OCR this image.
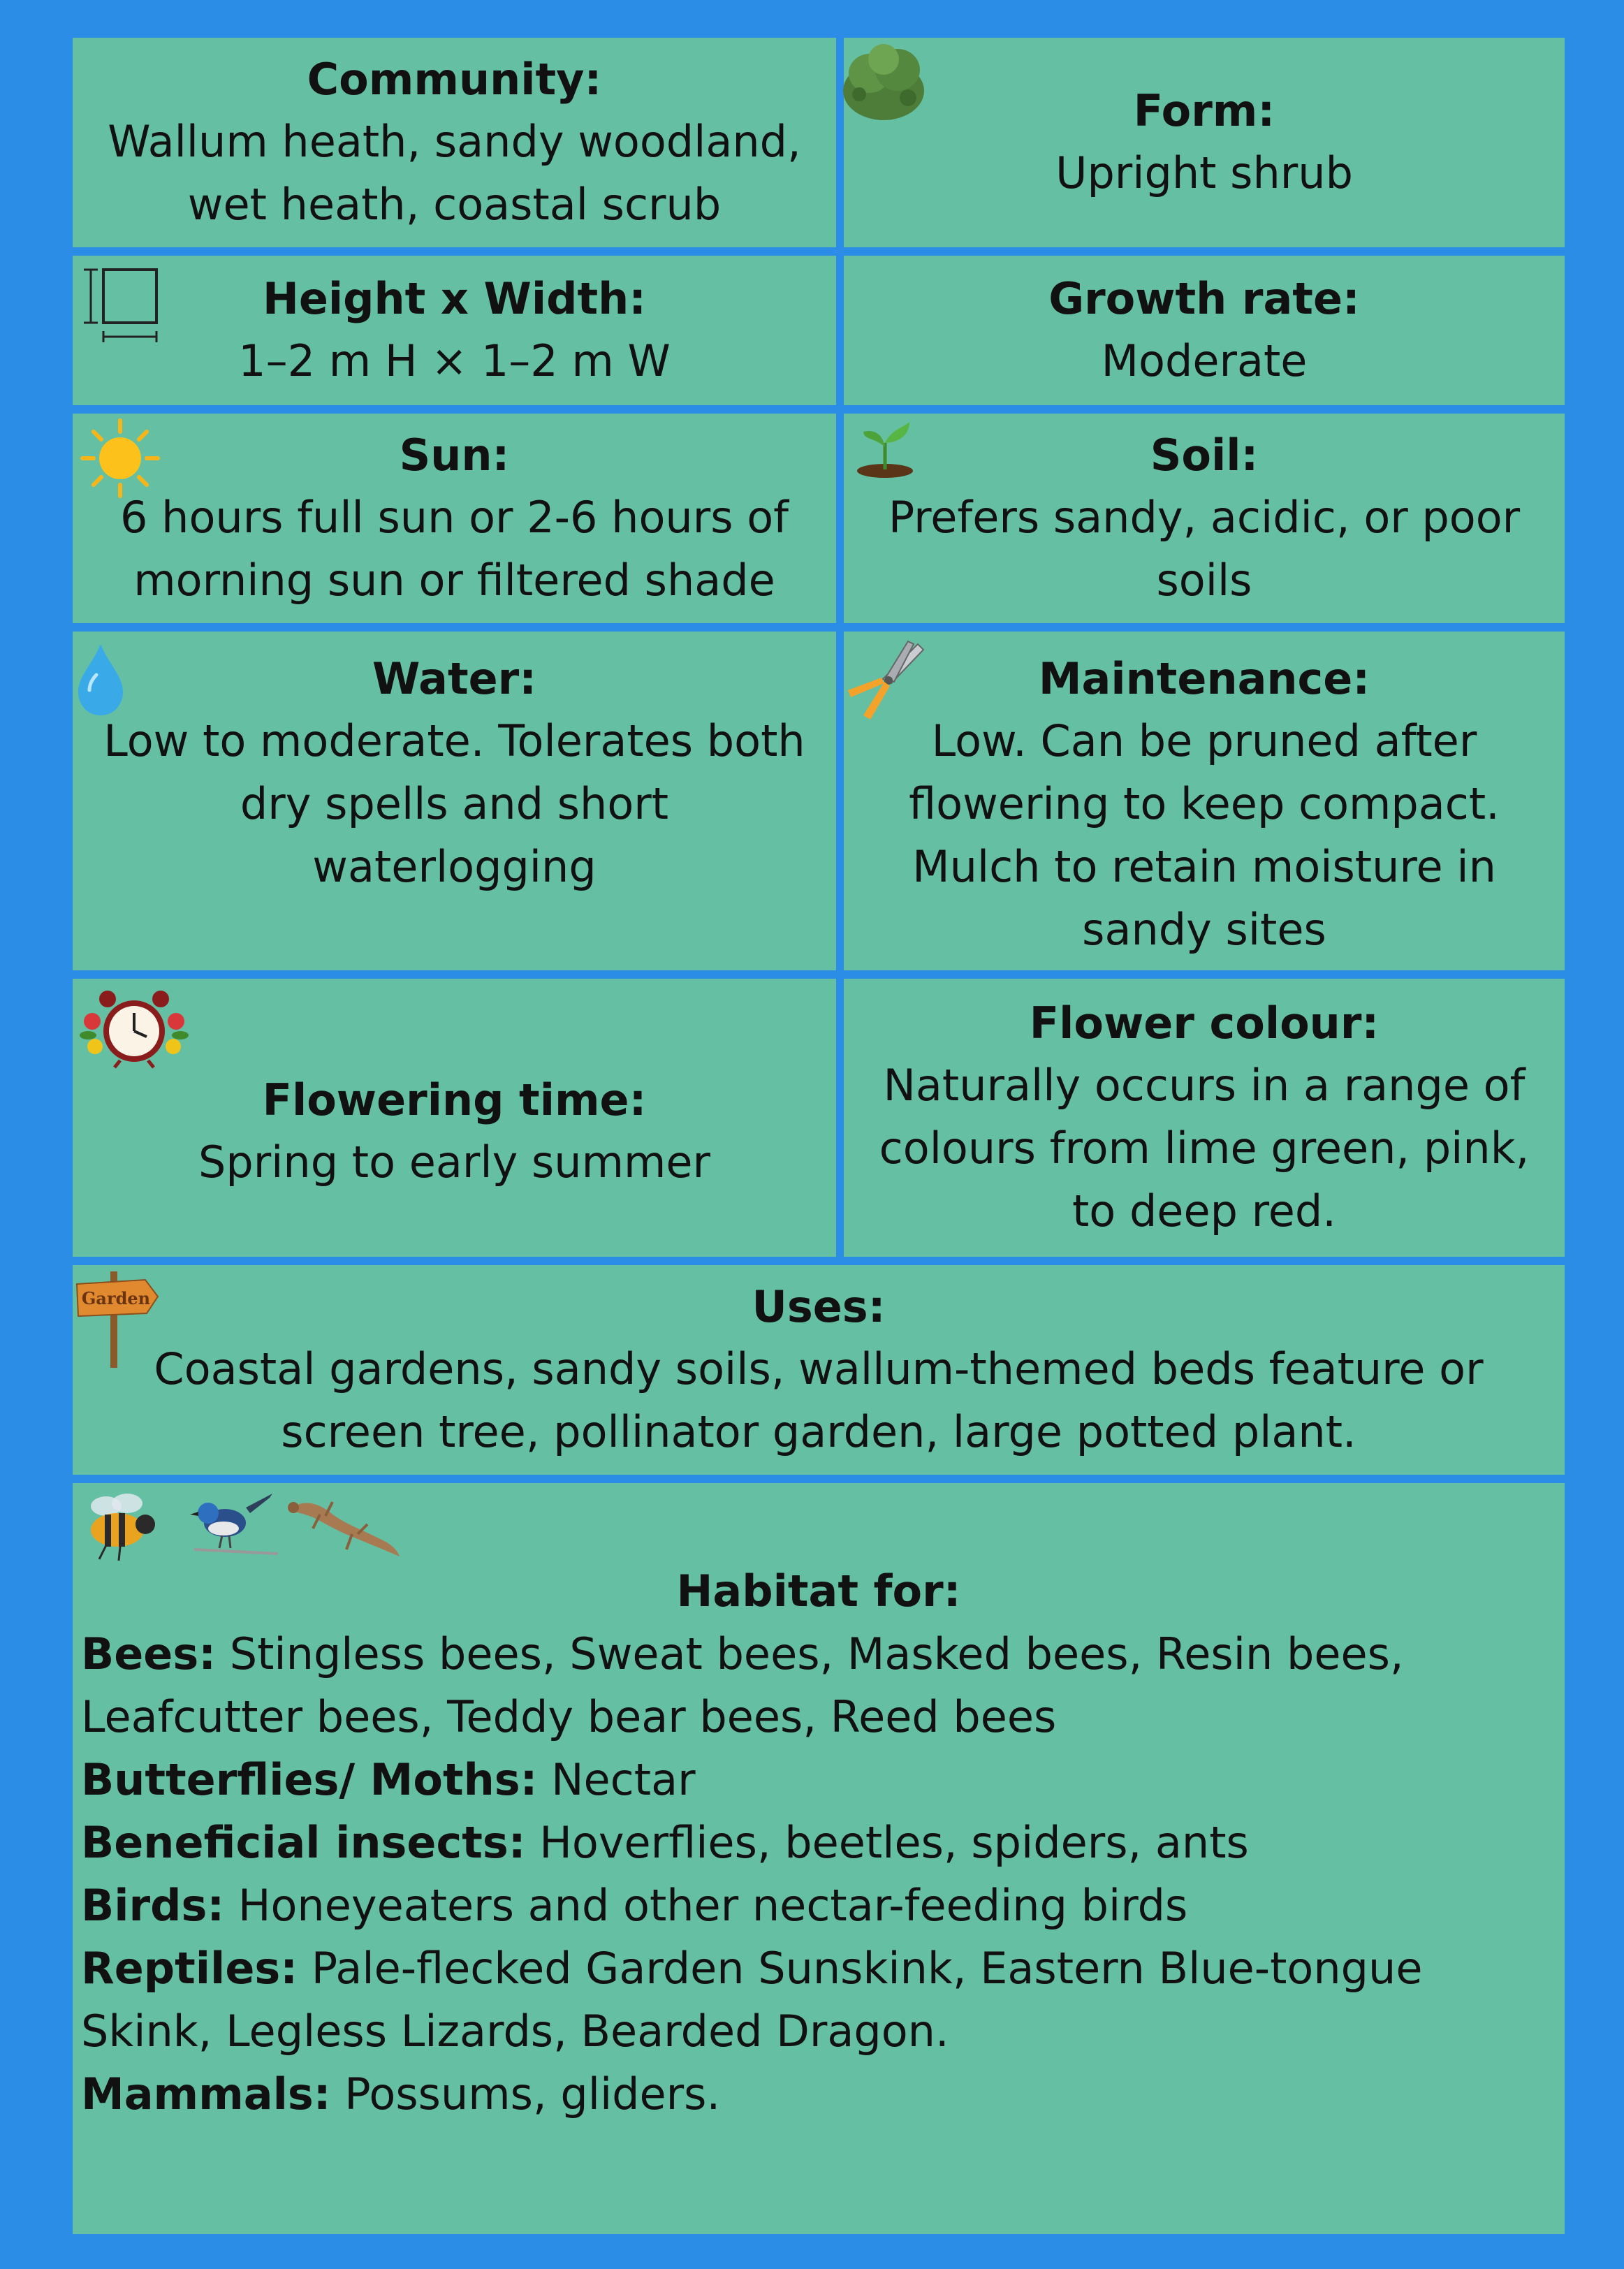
Community:
Wallum heath, sandy woodland,
wet heath, coastal scrub
Form:
Upright shrub
Height x Width:
1–2 m H × 1–2 m W
Growth rate:
Moderate
Sun:
6 hours full sun or 2-6 hours of
morning sun or filtered shade
Soil:
Prefers sandy, acidic, or poor
soils
Water:
Low to moderate. Tolerates both
dry spells and short
waterlogging
Maintenance:
Low. Can be pruned after
flowering to keep compact.
Mulch to retain moisture in
sandy sites
Flowering time:
Spring to early summer
Flower colour:
Naturally occurs in a range of
colours from lime green, pink,
to deep red.
Uses:
Coastal gardens, sandy soils, wallum-themed beds feature or
screen tree, pollinator garden, large potted plant.
Garden
Habitat for:
Bees: Stingless bees, Sweat bees, Masked bees, Resin bees,
Leafcutter bees, Teddy bear bees, Reed bees
Butterflies/ Moths: Nectar
Beneficial insects: Hoverflies, beetles, spiders, ants
Birds: Honeyeaters and other nectar-feeding birds
Reptiles: Pale-flecked Garden Sunskink, Eastern Blue-tongue
Skink, Legless Lizards, Bearded Dragon.
Mammals: Possums, gliders.
